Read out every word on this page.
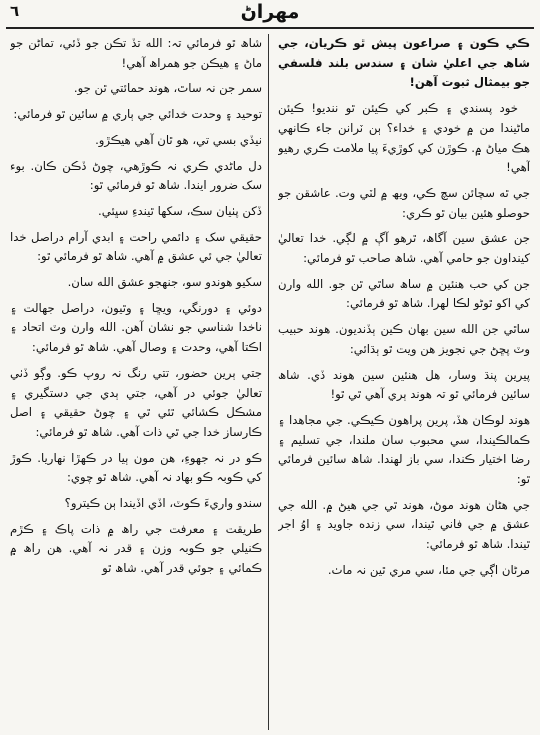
٦	مهراڻ

ڪي ڪون ۽ صراعون پيش ٿو ڪريان، جي شاھ جي اعليٰ شان ۽ سندس بلند فلسفي جو بيمثال ثبوت آھن!

خود پسندي ۽ ڪبر کي ڪيئن ٿو ننديو! ڪيئن ماڻيندا من ۾ خودي ۽ خداء؟ ٻن ٽرانن جاء ڪانھي ھڪ مياڻ ۾. ڪوڙن کي کوڙيءَ پيا ملامت ڪري رھيو آھي!

جي ٿه سچائن سچ ڪي، ويھ ۾ لٽي وت. عاشقن جو حوصلو ھئين بيان ٿو ڪري:

جن عشق سين آگاھ، ٿرھو آڳ ۾ لڳي. خدا تعاليٰ کينداون جو حامي آھي. شاھ صاحب ٿو فرمائي:

جن کي حب ھنئين ۾ ساھ ساٿي ٿن جو. الله وارن کي اکو ٿوڻو لڪا لھرا. شاھ ٿو فرمائي:

ساٿي جن الله سين بھان ڪين ٻڏنديون. ھوند حبيب وٽ پڇڻ جي نجويز ھن ويت ٿو ٻڌائي:

پيرين پنڌ وسار، ھل ھنئين سين ھوند ڏي. شاھ سائين فرمائي ٿو تہ ھوند ٻري آھي ٿي ٿو!

ھوند لوڪان ھڏ، پرين پراھون ڪيڪي. جي مجاھدا ۽ ڪمالڪيندا، سي محبوب سان ملندا، جي تسليم ۽ رضا اختيار ڪندا، سي باز لھندا. شاھ سائين فرمائي ٿو:

جي ھڻان ھوند موڻ، ھوند ٿي جي ھيڻ ۾. الله جي عشق ۾ جي فاني ٿيندا، سي زنده جاويد ۽ اوُ اجر ٿيندا. شاھ ٿو فرمائي:

مرڻان اڳي جي مئا، سي مري ٿين نہ ماٺ.

شاھ ٿو فرمائي تہ: الله تڏ تڪن جو ڏئي، تماڻن جو ماڻ ۽ ھيڪن جو ھمراھ آھي!

سمر جن نہ ساٿ، ھوند حمائتي ٿن جو.

توحيد ۽ وحدت خدائي جي ٻاري ۾ سائين ٿو فرمائي:

نيڏي بسي تي، ھو ٿان آھي ھيڪڙو.

دل ماڻدي ڪري نہ ڪوڙھي، چوڻ ڏڪن ڪان. بوء سک ضرور ايندا. شاھ ٿو فرمائي ٿو:

ڏکن پٺيان سڪ، سکھا ٿيندءِ سڀئي.

حقيقي سک ۽ دائمي راحت ۽ ابدي آرام دراصل خدا تعاليٰ جي ئي عشق ۾ آھي. شاھ ٿو فرمائي ٿو:

سکيو ھوندو سو، جنھجو عشق الله سان.

دوئي ۽ دورنگي، ويڇا ۽ وٿيون، دراصل جھالت ۽ ناخدا شناسي جو نشان آھن. الله وارن وٽ اتحاد ۽ اڪتا آھي، وحدت ۽ وصال آھي. شاھ ٿو فرمائي:

جتي ٻرين حضور، تتي رنگ نہ روپ ڪو. وڳو ڏٺي تعاليٰ جوئي در آھي، جتي ٻدي جي دستگيري ۽ مشڪل ڪشائي ٿئي ٿي ۽ چوڻ حقيقي ۽ اصل ڪارساز خدا جي ٿي ذات آھي. شاھ ٿو فرمائي:

ڪو در نہ جھوءِ، ھن مون ٻيا در ڪھڙا نھاريا. ڪوڙ کي ڪوبہ ڪو بھاد نہ آھي. شاھ ٿو چوي:

سندو واريءَ ڪوٽ، اڏي اڏيندا ٻن ڪيترو؟

طريقت ۽ معرفت جي راھ ۾ ذات پاڪ ۽ ڪڙم ڪنيلي جو ڪوبہ وزن ۽ قدر نہ آھي. ھن راھ ۾ ڪمائي ۽ جوئي قدر آھي. شاھ ٿو
